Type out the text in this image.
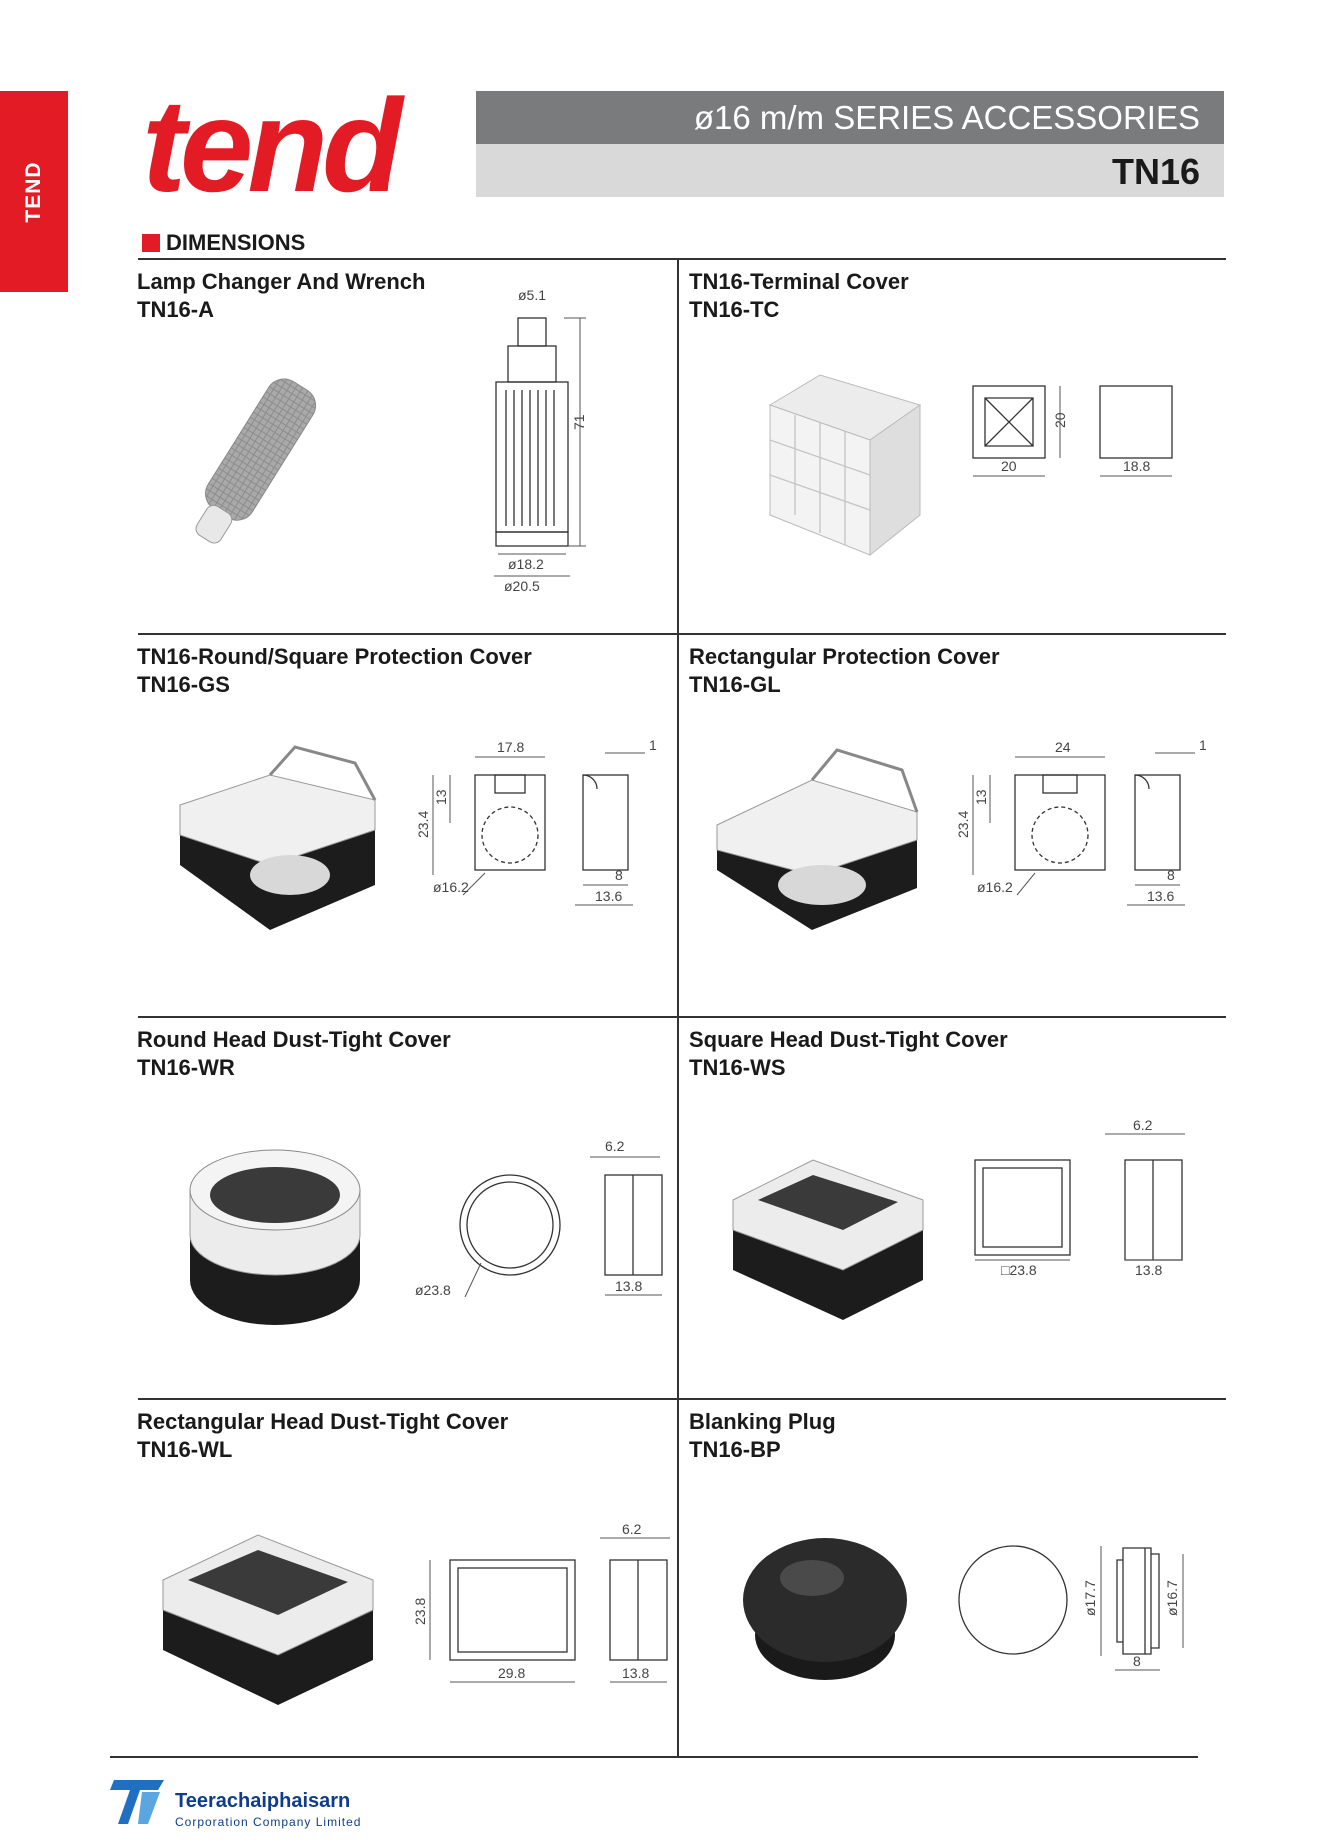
TEND tend	ø16 m/m SERIES ACCESSORIES
TN16
DIMENSIONS
Lamp Changer And Wrench
TN16-A
ø5.1
71
ø18.2
ø20.5
TN16-Terminal Cover
TN16-TC
20
20
18.8
TN16-Round/Square Protection Cover
TN16-GS
17.8
23.4
13
ø16.2
1
8
13.6
Rectangular Protection Cover
TN16-GL
24
23.4
13
ø16.2
1
8
13.6
Round Head Dust-Tight Cover
TN16-WR
ø23.8
6.2
13.8
Square Head Dust-Tight Cover
TN16-WS
□23.8
6.2
13.8
Rectangular Head Dust-Tight Cover
TN16-WL
23.8
29.8
6.2
13.8
Blanking Plug
TN16-BP
ø17.7	ø16.7
8
Teerachaiphaisarn
Corporation Company Limited
